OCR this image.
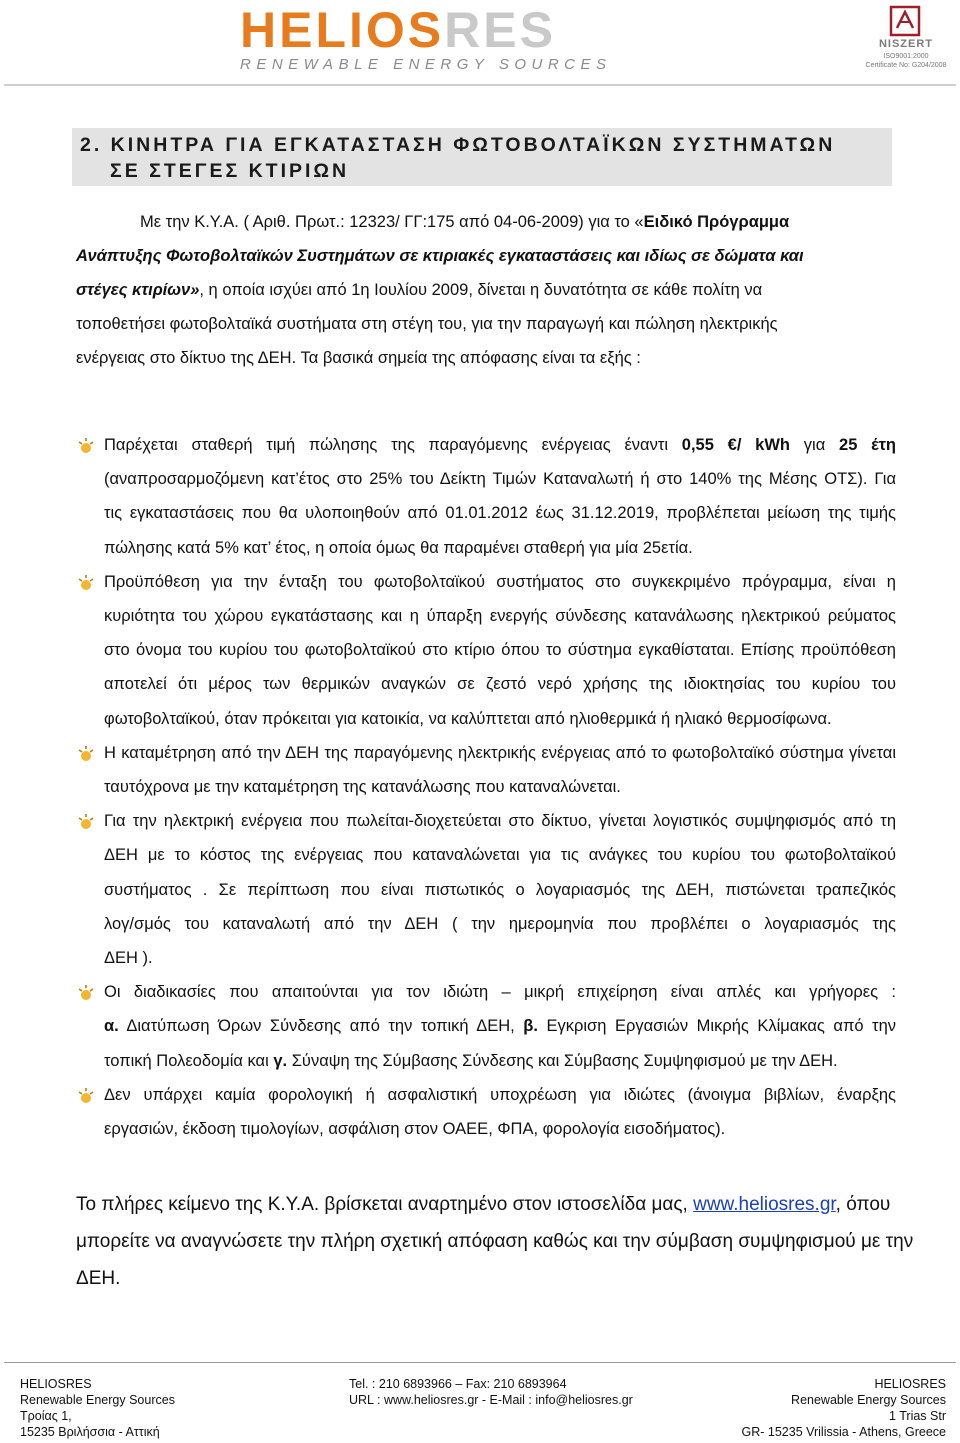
HELIOSRES
RENEWABLE ENERGY SOURCES
NISZERT
ISO9001:2000
Certificate No: G204/2008
2. ΚΙΝΗΤΡΑ ΓΙΑ ΕΓΚΑΤΑΣΤΑΣΗ ΦΩΤΟΒΟΛΤΑΪΚΩΝ ΣΥΣΤΗΜΑΤΩΝ
ΣΕ ΣΤΕΓΕΣ ΚΤΙΡΙΩΝ
Με την Κ.Υ.Α. ( Αριθ. Πρωτ.: 12323/ ΓΓ:175 από 04-06-2009) για το «Ειδικό Πρόγραμμα
Ανάπτυξης Φωτοβολταϊκών Συστημάτων σε κτιριακές εγκαταστάσεις και ιδίως σε δώματα και
στέγες κτιρίων», η οποία ισχύει από 1η Ιουλίου 2009, δίνεται η δυνατότητα σε κάθε πολίτη να
τοποθετήσει φωτοβολταϊκά συστήματα στη στέγη του, για την παραγωγή και πώληση ηλεκτρικής
ενέργειας στο δίκτυο της ΔΕΗ. Τα βασικά σημεία της απόφασης είναι τα εξής :
Παρέχεται σταθερή τιμή πώλησης της παραγόμενης ενέργειας έναντι 0,55 €/ kWh για 25 έτη
(αναπροσαρμοζόμενη κατ’έτος στο 25% του Δείκτη Τιμών Καταναλωτή ή στο 140% της Μέσης ΟΤΣ). Για
τις εγκαταστάσεις που θα υλοποιηθούν από 01.01.2012 έως 31.12.2019, προβλέπεται μείωση της τιμής
πώλησης κατά 5% κατ’ έτος, η οποία όμως θα παραμένει σταθερή για μία 25ετία.
Προϋπόθεση για την ένταξη του φωτοβολταϊκού συστήματος στο συγκεκριμένο πρόγραμμα, είναι η
κυριότητα του χώρου εγκατάστασης και η ύπαρξη ενεργής σύνδεσης κατανάλωσης ηλεκτρικού ρεύματος
στο όνομα του κυρίου του φωτοβολταϊκού στο κτίριο όπου το σύστημα εγκαθίσταται. Επίσης προϋπόθεση
αποτελεί ότι μέρος των θερμικών αναγκών σε ζεστό νερό χρήσης της ιδιοκτησίας του κυρίου του
φωτοβολταϊκού, όταν πρόκειται για κατοικία, να καλύπτεται από ηλιοθερμικά ή ηλιακό θερμοσίφωνα.
Η καταμέτρηση από την ΔΕΗ της παραγόμενης ηλεκτρικής ενέργειας από το φωτοβολταϊκό σύστημα γίνεται
ταυτόχρονα με την καταμέτρηση της κατανάλωσης που καταναλώνεται.
Για την ηλεκτρική ενέργεια που πωλείται-διοχετεύεται στο δίκτυο, γίνεται λογιστικός συμψηφισμός από τη
ΔΕΗ με το κόστος της ενέργειας που καταναλώνεται για τις ανάγκες του κυρίου του φωτοβολταϊκού
συστήματος . Σε περίπτωση που είναι πιστωτικός ο λογαριασμός της ΔΕΗ, πιστώνεται τραπεζικός
λογ/σμός του καταναλωτή από την ΔΕΗ ( την ημερομηνία που προβλέπει ο λογαριασμός της
ΔΕΗ ).
Οι διαδικασίες που απαιτούνται για τον ιδιώτη – μικρή επιχείρηση είναι απλές και γρήγορες :
α. Διατύπωση Όρων Σύνδεσης από την τοπική ΔΕΗ, β. Εγκριση Εργασιών Μικρής Κλίμακας από την
τοπική Πολεοδομία και γ. Σύναψη της Σύμβασης Σύνδεσης και Σύμβασης Συμψηφισμού με την ΔΕΗ.
Δεν υπάρχει καμία φορολογική ή ασφαλιστική υποχρέωση για ιδιώτες (άνοιγμα βιβλίων, έναρξης
εργασιών, έκδοση τιμολογίων, ασφάλιση στον ΟΑΕΕ, ΦΠΑ, φορολογία εισοδήματος).
Το πλήρες κείμενο της Κ.Υ.Α. βρίσκεται αναρτημένο στον ιστοσελίδα μας, www.heliosres.gr, όπου
μπορείτε να αναγνώσετε την πλήρη σχετική απόφαση καθώς και την σύμβαση συμψηφισμού με την
ΔΕΗ.
HELIOSRES
Renewable Energy Sources
Τροίας 1,
15235 Βριλήσσια - Αττική
Tel. : 210 6893966 – Fax: 210 6893964
URL : www.heliosres.gr - E-Mail : info@heliosres.gr
HELIOSRES
Renewable Energy Sources
1 Trias Str
GR- 15235 Vrilissia - Athens, Greece
